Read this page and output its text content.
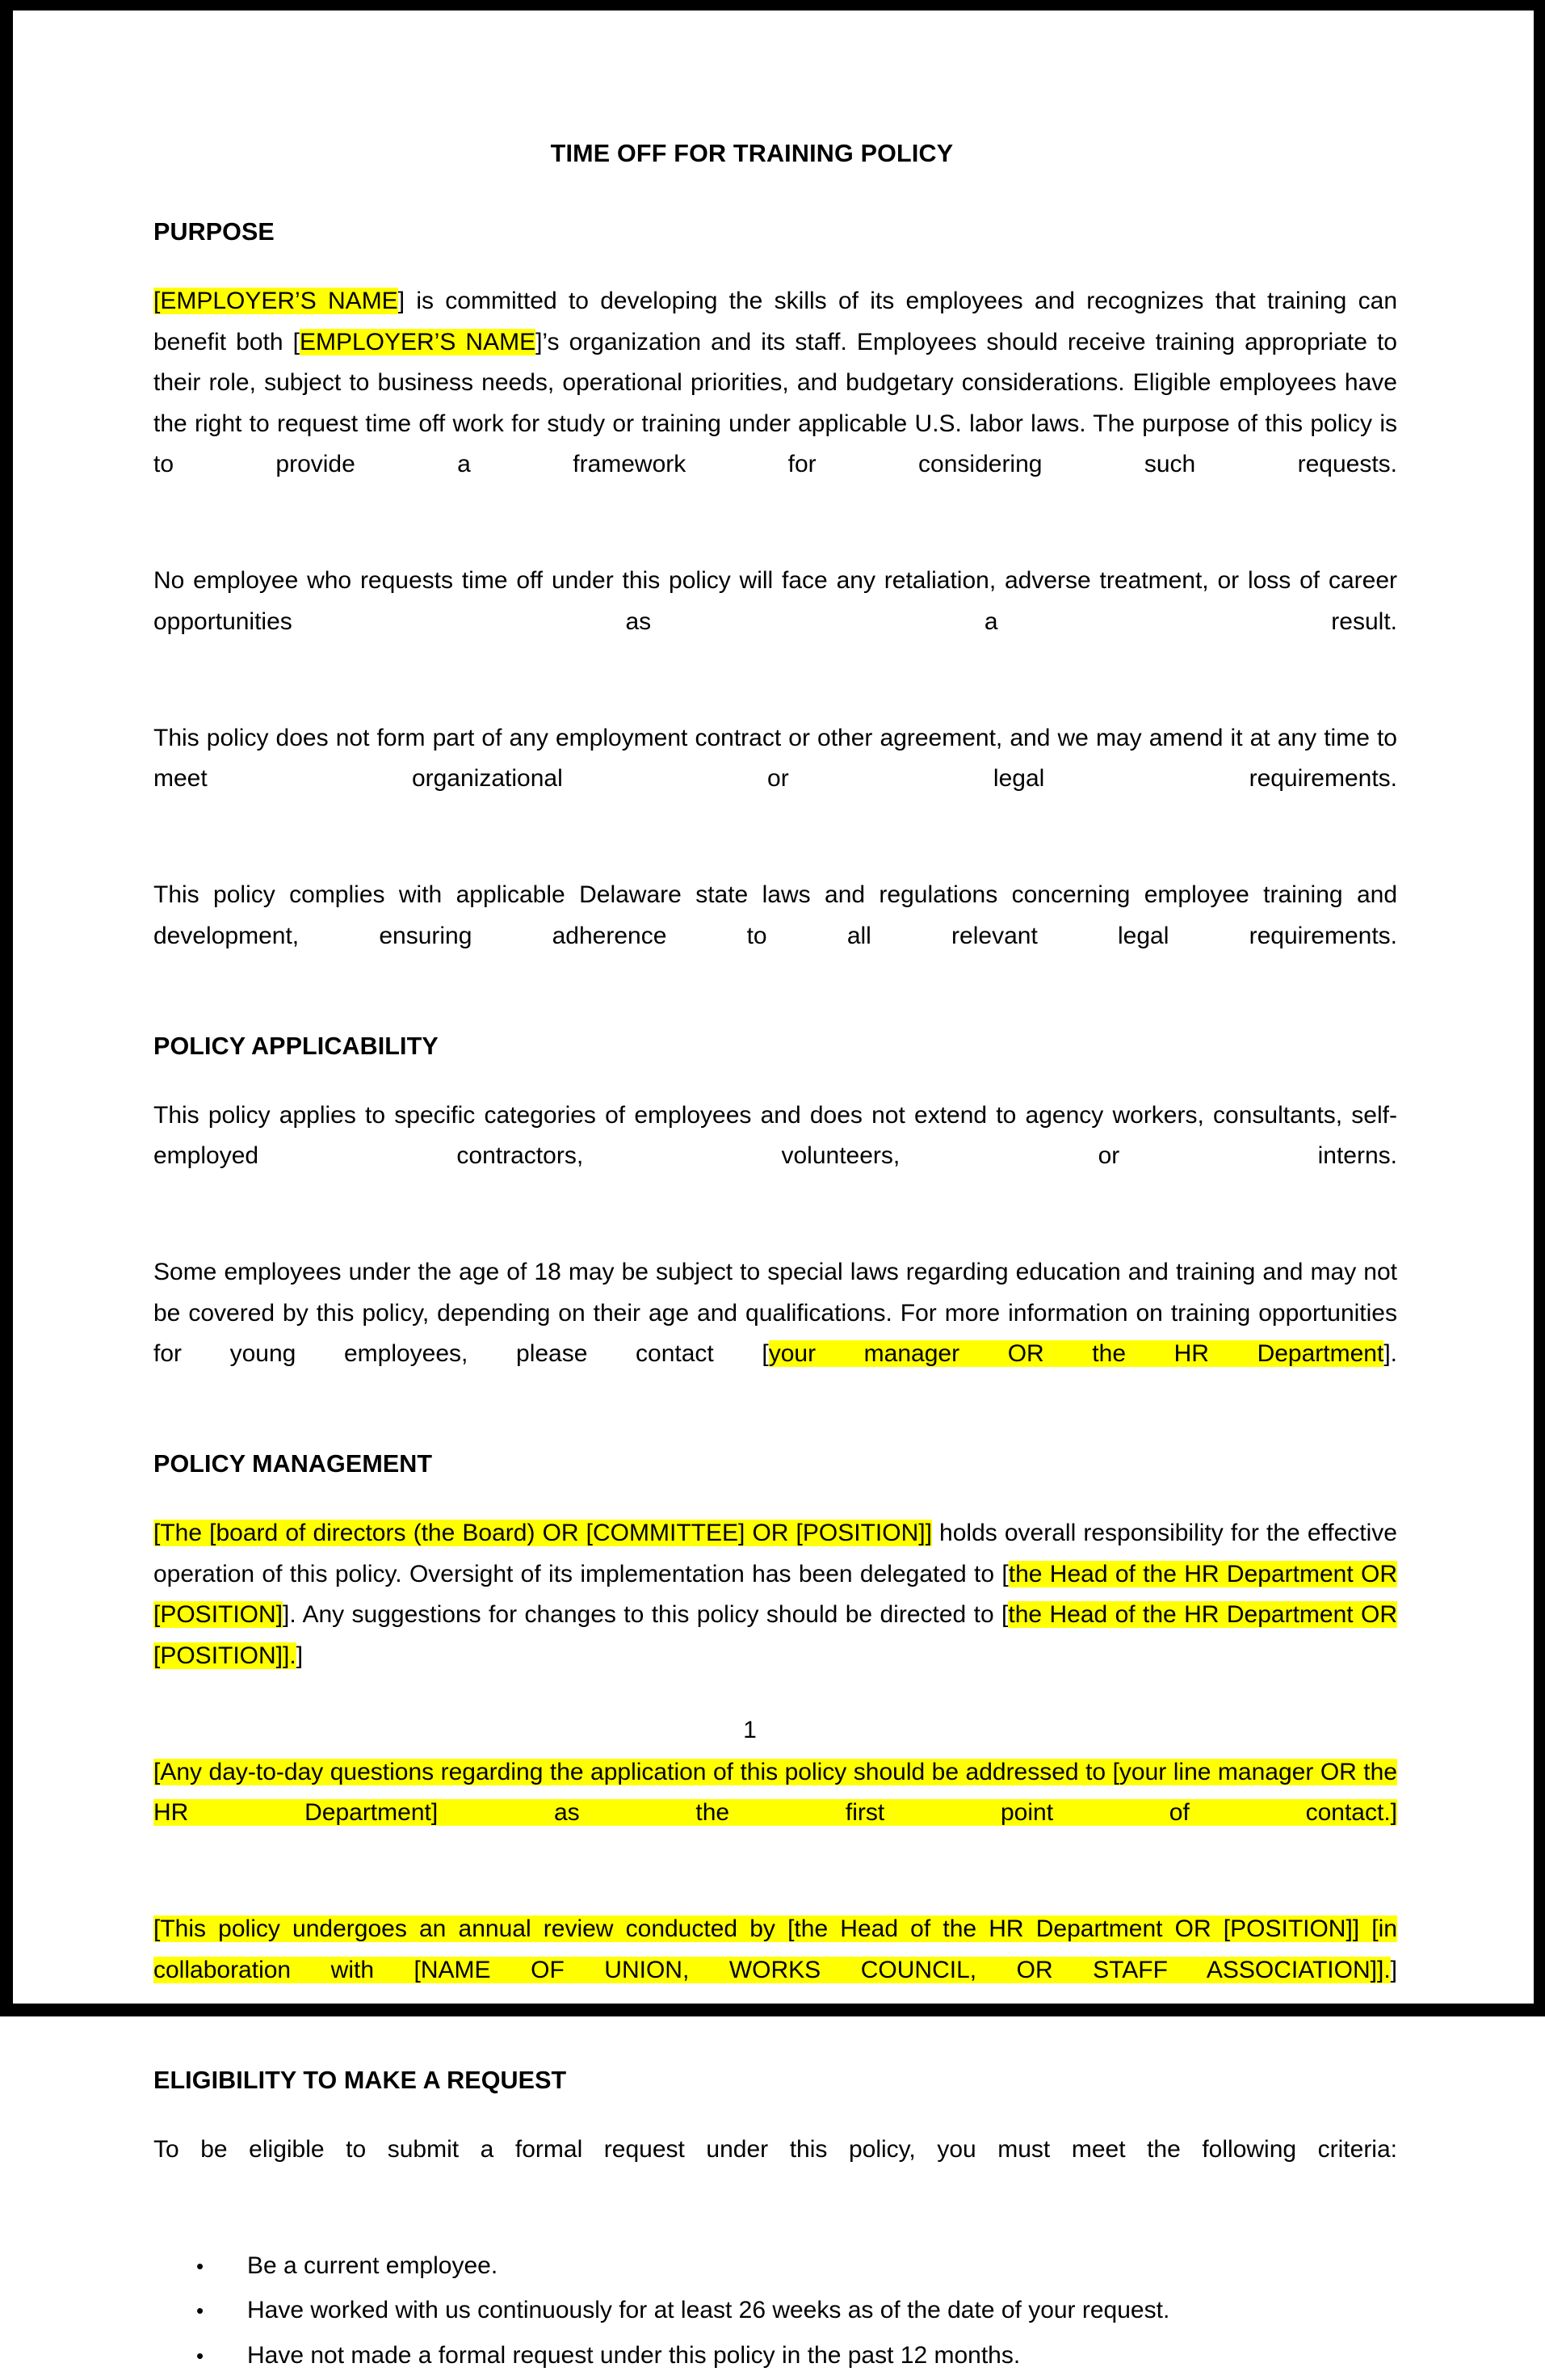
TIME OFF FOR TRAINING POLICY
PURPOSE

[EMPLOYER’S NAME] is committed to developing the skills of its employees and recognizes that training can benefit both [EMPLOYER’S NAME]’s organization and its staff. Employees should receive training appropriate to their role, subject to business needs, operational priorities, and budgetary considerations. Eligible employees have the right to request time off work for study or training under applicable U.S. labor laws. The purpose of this policy is to provide a framework for considering such requests.

No employee who requests time off under this policy will face any retaliation, adverse treatment, or loss of career opportunities as a result.

This policy does not form part of any employment contract or other agreement, and we may amend it at any time to meet organizational or legal requirements.

This policy complies with applicable Delaware state laws and regulations concerning employee training and development, ensuring adherence to all relevant legal requirements.

POLICY APPLICABILITY

This policy applies to specific categories of employees and does not extend to agency workers, consultants, self-employed contractors, volunteers, or interns.

Some employees under the age of 18 may be subject to special laws regarding education and training and may not be covered by this policy, depending on their age and qualifications. For more information on training opportunities for young employees, please contact [your manager OR the HR Department].

POLICY MANAGEMENT

[The [board of directors (the Board) OR [COMMITTEE] OR [POSITION]] holds overall responsibility for the effective operation of this policy. Oversight of its implementation has been delegated to [the Head of the HR Department OR [POSITION]]. Any suggestions for changes to this policy should be directed to [the Head of the HR Department OR [POSITION]].]

[Any day-to-day questions regarding the application of this policy should be addressed to [your line manager OR the HR Department] as the first point of contact.]

[This policy undergoes an annual review conducted by [the Head of the HR Department OR [POSITION]] [in collaboration with [NAME OF UNION, WORKS COUNCIL, OR STAFF ASSOCIATION]].]

ELIGIBILITY TO MAKE A REQUEST

To be eligible to submit a formal request under this policy, you must meet the following criteria:

• Be a current employee.
• Have worked with us continuously for at least 26 weeks as of the date of your request.
• Have not made a formal request under this policy in the past 12 months.
1
